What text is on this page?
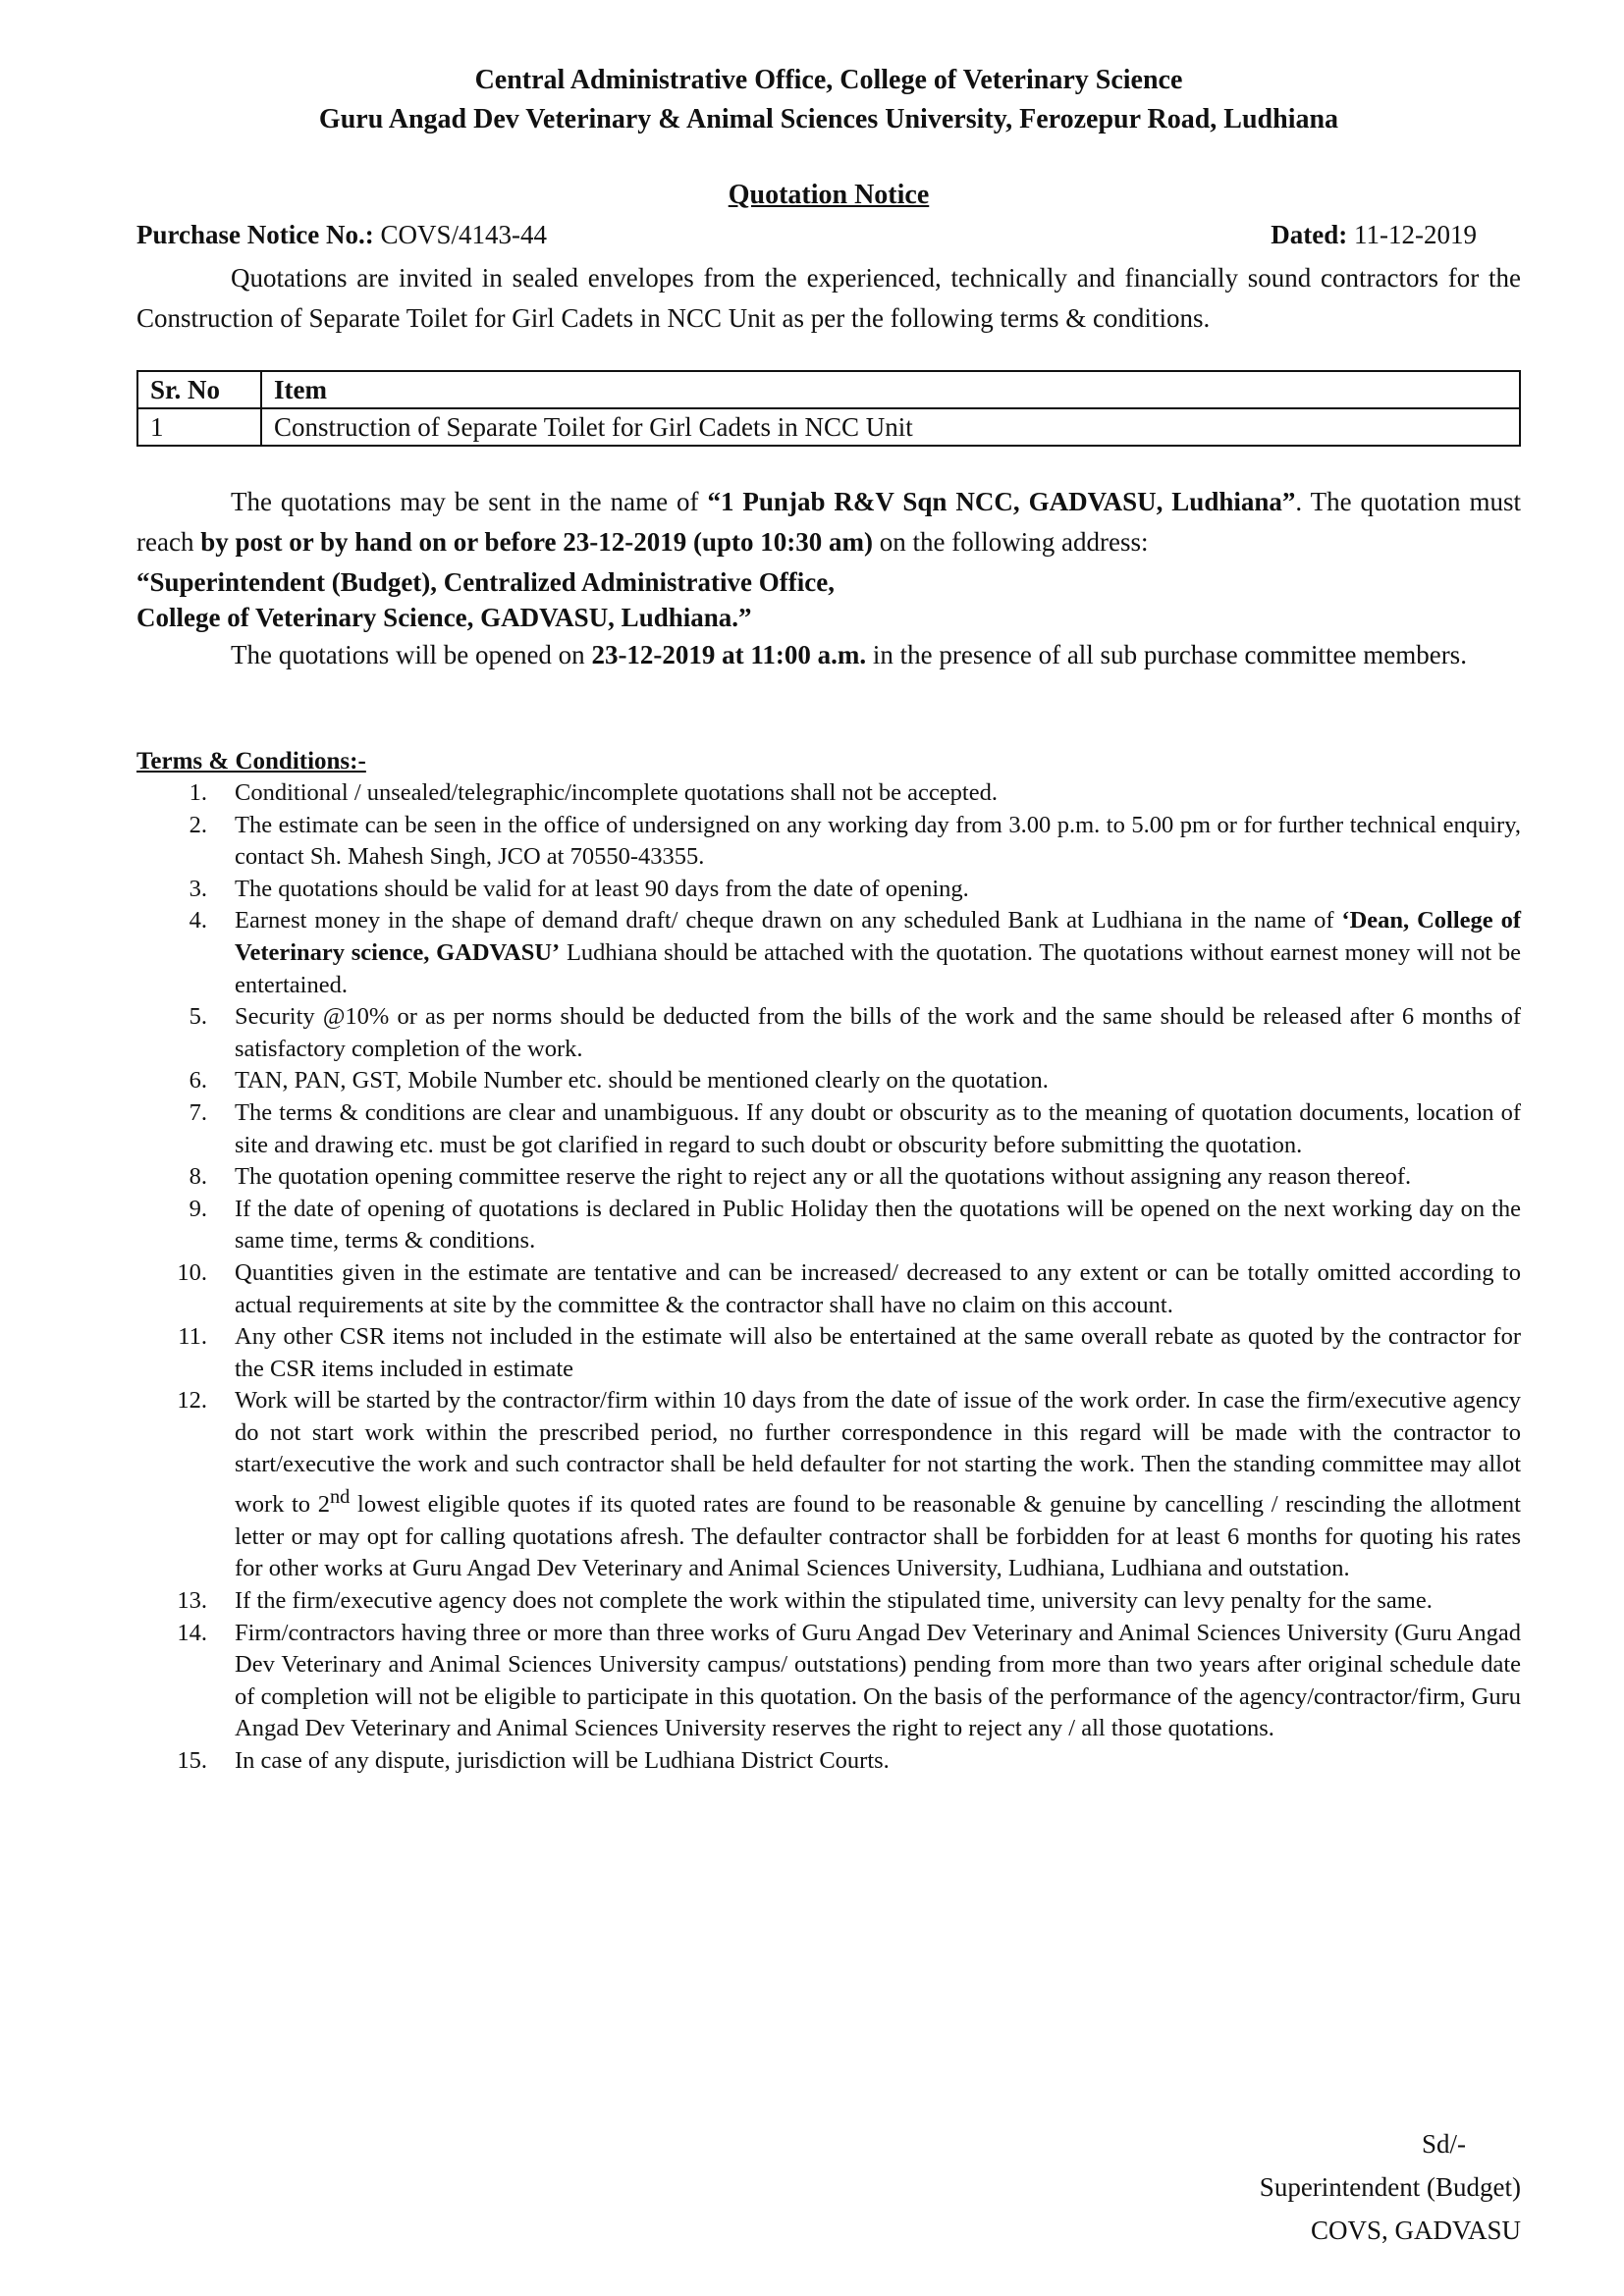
Central Administrative Office, College of Veterinary Science
Guru Angad Dev Veterinary & Animal Sciences University, Ferozepur Road, Ludhiana
Quotation Notice
Purchase Notice No.: COVS/4143-44	Dated: 11-12-2019

Quotations are invited in sealed envelopes from the experienced, technically and financially sound contractors for the Construction of Separate Toilet for Girl Cadets in NCC Unit as per the following terms & conditions.

Sr. No	Item
1	Construction of Separate Toilet for Girl Cadets in NCC Unit

The quotations may be sent in the name of “1 Punjab R&V Sqn NCC, GADVASU, Ludhiana”. The quotation must reach by post or by hand on or before 23-12-2019 (upto 10:30 am) on the following address:

“Superintendent (Budget), Centralized Administrative Office,
College of Veterinary Science, GADVASU, Ludhiana.”

The quotations will be opened on 23-12-2019 at 11:00 a.m. in the presence of all sub purchase committee members.

Terms & Conditions:-
1.	Conditional / unsealed/telegraphic/incomplete quotations shall not be accepted.
2.	The estimate can be seen in the office of undersigned on any working day from 3.00 p.m. to 5.00 pm or for further technical enquiry, contact Sh. Mahesh Singh, JCO at 70550-43355.
3.	The quotations should be valid for at least 90 days from the date of opening.
4.	Earnest money in the shape of demand draft/ cheque drawn on any scheduled Bank at Ludhiana in the name of ‘Dean, College of Veterinary science, GADVASU’ Ludhiana should be attached with the quotation. The quotations without earnest money will not be entertained.
5.	Security @10% or as per norms should be deducted from the bills of the work and the same should be released after 6 months of satisfactory completion of the work.
6.	TAN, PAN, GST, Mobile Number etc. should be mentioned clearly on the quotation.
7.	The terms & conditions are clear and unambiguous. If any doubt or obscurity as to the meaning of quotation documents, location of site and drawing etc. must be got clarified in regard to such doubt or obscurity before submitting the quotation.
8.	The quotation opening committee reserve the right to reject any or all the quotations without assigning any reason thereof.
9.	If the date of opening of quotations is declared in Public Holiday then the quotations will be opened on the next working day on the same time, terms & conditions.
10.	Quantities given in the estimate are tentative and can be increased/ decreased to any extent or can be totally omitted according to actual requirements at site by the committee & the contractor shall have no claim on this account.
11.	Any other CSR items not included in the estimate will also be entertained at the same overall rebate as quoted by the contractor for the CSR items included in estimate
12.	Work will be started by the contractor/firm within 10 days from the date of issue of the work order. In case the firm/executive agency do not start work within the prescribed period, no further correspondence in this regard will be made with the contractor to start/executive the work and such contractor shall be held defaulter for not starting the work. Then the standing committee may allot work to 2nd lowest eligible quotes if its quoted rates are found to be reasonable & genuine by cancelling / rescinding the allotment letter or may opt for calling quotations afresh. The defaulter contractor shall be forbidden for at least 6 months for quoting his rates for other works at Guru Angad Dev Veterinary and Animal Sciences University, Ludhiana, Ludhiana and outstation.
13.	If the firm/executive agency does not complete the work within the stipulated time, university can levy penalty for the same.
14.	Firm/contractors having three or more than three works of Guru Angad Dev Veterinary and Animal Sciences University (Guru Angad Dev Veterinary and Animal Sciences University campus/ outstations) pending from more than two years after original schedule date of completion will not be eligible to participate in this quotation. On the basis of the performance of the agency/contractor/firm, Guru Angad Dev Veterinary and Animal Sciences University reserves the right to reject any / all those quotations.
15.	In case of any dispute, jurisdiction will be Ludhiana District Courts.
Sd/-
Superintendent (Budget)
COVS, GADVASU
